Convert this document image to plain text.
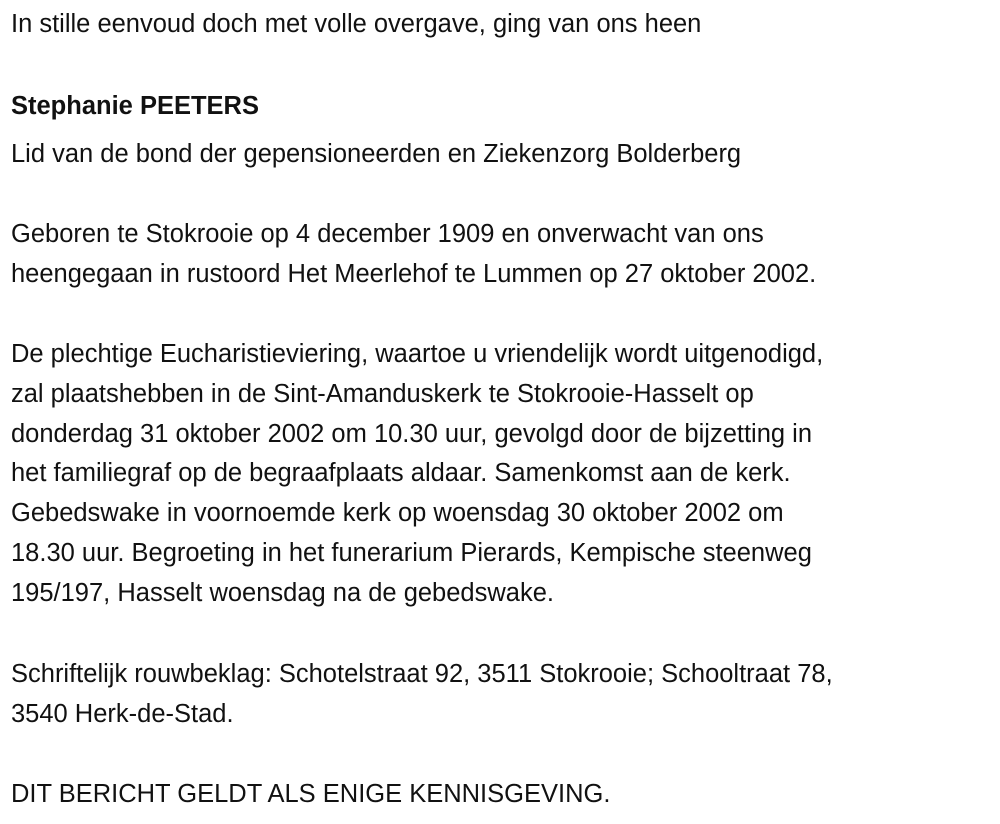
In stille eenvoud doch met volle overgave, ging van ons heen
Stephanie PEETERS
Lid van de bond der gepensioneerden en Ziekenzorg Bolderberg
Geboren te Stokrooie op 4 december 1909 en onverwacht van ons
heengegaan in rustoord Het Meerlehof te Lummen op 27 oktober 2002.
De plechtige Eucharistieviering, waartoe u vriendelijk wordt uitgenodigd,
zal plaatshebben in de Sint-Amanduskerk te Stokrooie-Hasselt op
donderdag 31 oktober 2002 om 10.30 uur, gevolgd door de bijzetting in
het familiegraf op de begraafplaats aldaar. Samenkomst aan de kerk.
Gebedswake in voornoemde kerk op woensdag 30 oktober 2002 om
18.30 uur. Begroeting in het funerarium Pierards, Kempische steenweg
195/197, Hasselt woensdag na de gebedswake.
Schriftelijk rouwbeklag: Schotelstraat 92, 3511 Stokrooie; Schooltraat 78,
3540 Herk-de-Stad.
DIT BERICHT GELDT ALS ENIGE KENNISGEVING.
